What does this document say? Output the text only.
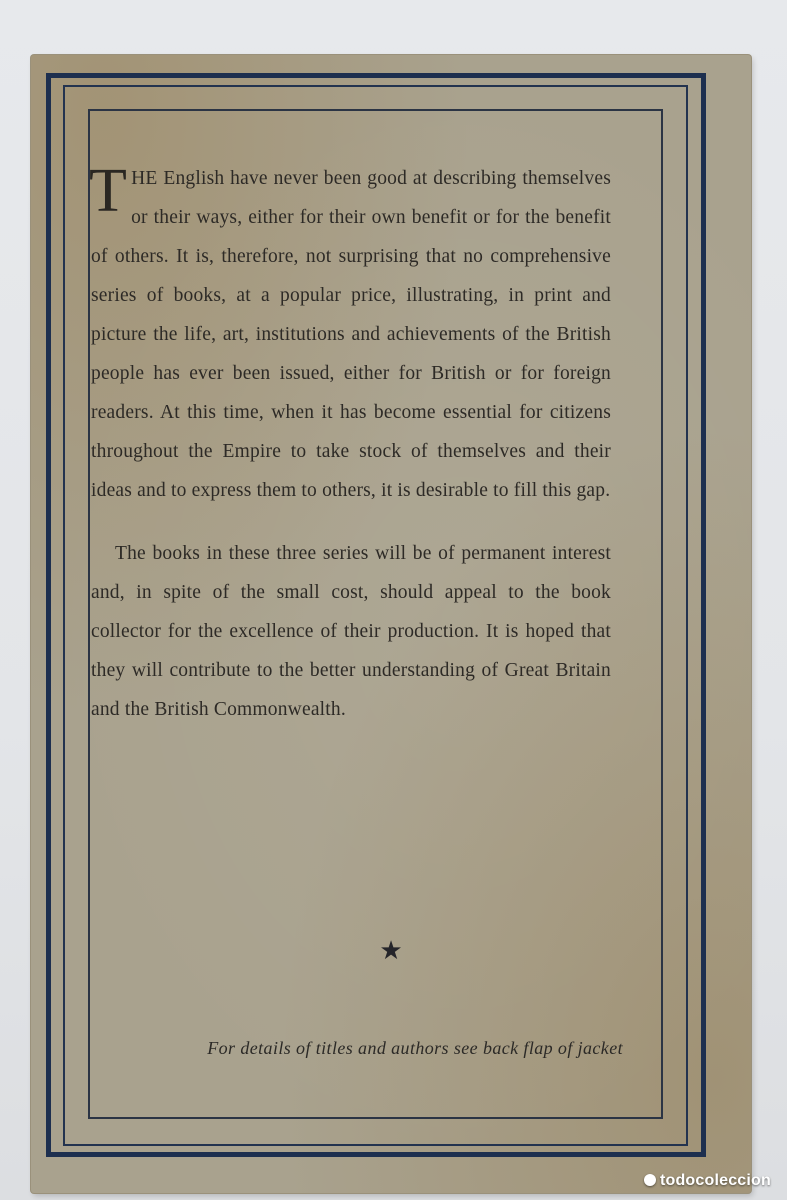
THE English have never been good at describing themselves or their ways, either for their own benefit or for the benefit of others. It is, therefore, not surprising that no comprehensive series of books, at a popular price, illustrating, in print and picture the life, art, institutions and achievements of the British people has ever been issued, either for British or for foreign readers. At this time, when it has become essential for citizens throughout the Empire to take stock of themselves and their ideas and to express them to others, it is desirable to fill this gap.

The books in these three series will be of permanent interest and, in spite of the small cost, should appeal to the book collector for the excellence of their production. It is hoped that they will contribute to the better understanding of Great Britain and the British Commonwealth.

★
For details of titles and authors see back flap of jacket
todocoleccion
